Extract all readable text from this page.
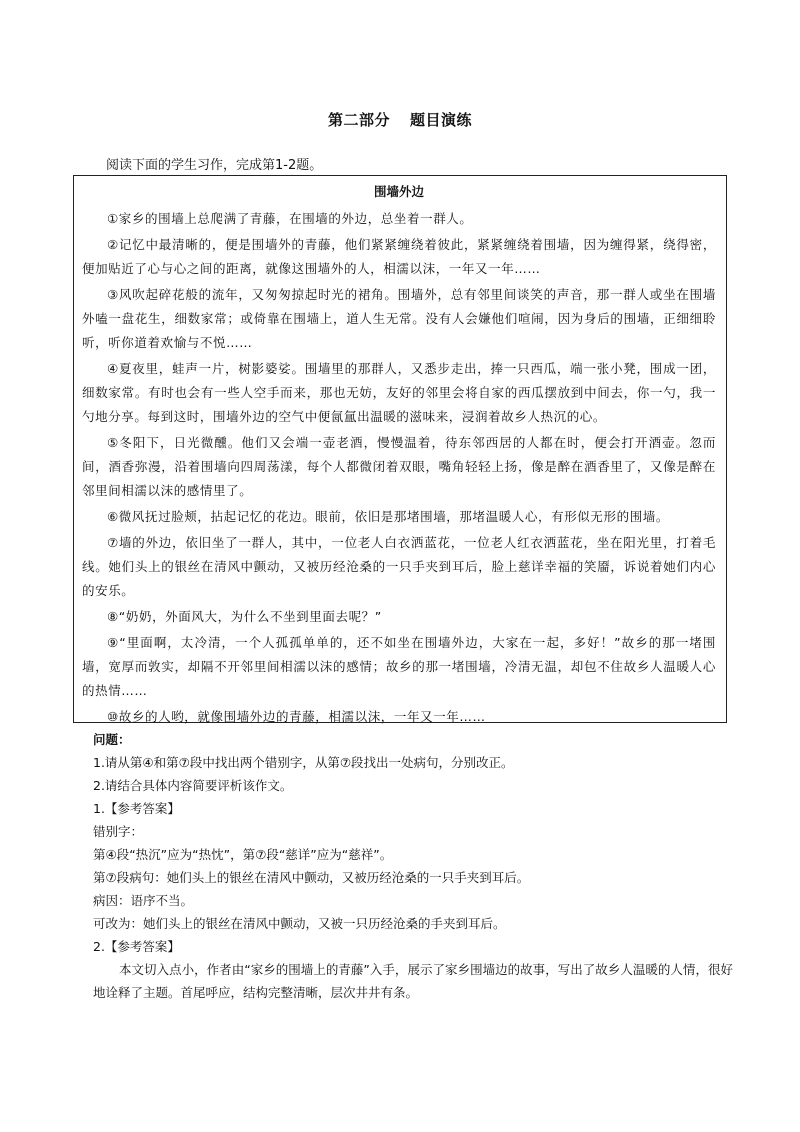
第二部分 题目演练
阅读下面的学生习作，完成第1-2题。
围墙外边

①家乡的围墙上总爬满了青藤，在围墙的外边，总坐着一群人。

②记忆中最清晰的，便是围墙外的青藤，他们紧紧缠绕着彼此，紧紧缠绕着围墙，因为缠得紧，绕得密，便加贴近了心与心之间的距离，就像这围墙外的人，相濡以沫，一年又一年……

③风吹起碎花般的流年，又匆匆掠起时光的裙角。围墙外，总有邻里间谈笑的声音，那一群人或坐在围墙外嗑一盘花生，细数家常；或倚靠在围墙上，道人生无常。没有人会嫌他们喧闹，因为身后的围墙，正细细聆听，听你道着欢愉与不悦……

④夏夜里，蛙声一片，树影婆娑。围墙里的那群人，又悉步走出，捧一只西瓜，端一张小凳，围成一团，细数家常。有时也会有一些人空手而来，那也无妨，友好的邻里会将自家的西瓜摆放到中间去，你一勺，我一勺地分享。每到这时，围墙外边的空气中便氤氲出温暖的滋味来，浸润着故乡人热沉的心。

⑤冬阳下，日光微醺。他们又会端一壶老酒，慢慢温着，待东邻西居的人都在时，便会打开酒壶。忽而间，酒香弥漫，沿着围墙向四周荡漾，每个人都微闭着双眼，嘴角轻轻上扬，像是醉在酒香里了，又像是醉在邻里间相濡以沫的感情里了。

⑥微风抚过脸颊，拈起记忆的花边。眼前，依旧是那堵围墙，那堵温暖人心，有形似无形的围墙。

⑦墙的外边，依旧坐了一群人，其中，一位老人白衣洒蓝花，一位老人红衣洒蓝花，坐在阳光里，打着毛线。她们头上的银丝在清风中颤动，又被历经沧桑的一只手夹到耳后，脸上慈详幸福的笑靥，诉说着她们内心的安乐。

⑧“奶奶，外面风大，为什么不坐到里面去呢？”

⑨“里面啊，太冷清，一个人孤孤单单的，还不如坐在围墙外边，大家在一起，多好！”故乡的那一堵围墙，宽厚而敦实，却隔不开邻里间相濡以沫的感情；故乡的那一堵围墙，冷清无温，却包不住故乡人温暖人心的热情……

⑩故乡的人哟，就像围墙外边的青藤，相濡以沫，一年又一年……

问题：

1.请从第④和第⑦段中找出两个错别字，从第⑦段找出一处病句，分别改正。

2.请结合具体内容简要评析该作文。

1.【参考答案】

错别字：

第④段“热沉”应为“热忱”，第⑦段“慈详”应为“慈祥”。

第⑦段病句：她们头上的银丝在清风中颤动，又被历经沧桑的一只手夹到耳后。

病因：语序不当。

可改为：她们头上的银丝在清风中颤动，又被一只历经沧桑的手夹到耳后。

2.【参考答案】

本文切入点小，作者由“家乡的围墙上的青藤”入手，展示了家乡围墙边的故事，写出了故乡人温暖的人情，很好地诠释了主题。首尾呼应，结构完整清晰，层次井井有条。
